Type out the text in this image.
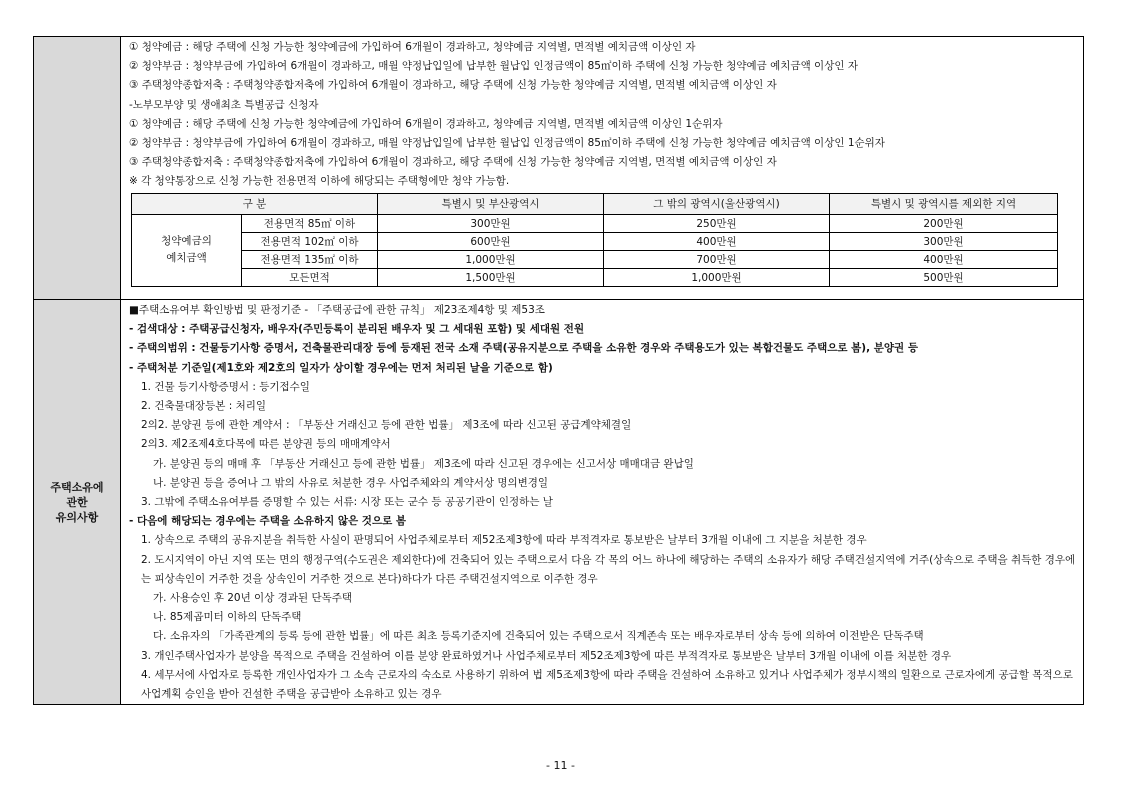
① 청약예금 : 해당 주택에 신청 가능한 청약예금에 가입하여 6개월이 경과하고, 청약예금 지역별, 면적별 예치금액 이상인 자
② 청약부금 : 청약부금에 가입하여 6개월이 경과하고, 매월 약정납입일에 납부한 월납입 인정금액이 85㎡이하 주택에 신청 가능한 청약예금 예치금액 이상인 자
③ 주택청약종합저축 : 주택청약종합저축에 가입하여 6개월이 경과하고, 해당 주택에 신청 가능한 청약예금 지역별, 면적별 예치금액 이상인 자
-노부모부양 및 생애최초 특별공급 신청자
① 청약예금 : 해당 주택에 신청 가능한 청약예금에 가입하여 6개월이 경과하고, 청약예금 지역별, 면적별 예치금액 이상인 1순위자
② 청약부금 : 청약부금에 가입하여 6개월이 경과하고, 매월 약정납입일에 납부한 월납입 인정금액이 85㎡이하 주택에 신청 가능한 청약예금 예치금액 이상인 1순위자
③ 주택청약종합저축 : 주택청약종합저축에 가입하여 6개월이 경과하고, 해당 주택에 신청 가능한 청약예금 지역별, 면적별 예치금액 이상인 자
※ 각 청약통장으로 신청 가능한 전용면적 이하에 해당되는 주택형에만 청약 가능함.
구 분	특별시 및 부산광역시	그 밖의 광역시(울산광역시)	특별시 및 광역시를 제외한 지역

청약예금의
예치금액
	전용면적 85㎡ 이하	300만원	250만원	200만원
전용면적 102㎡ 이하	600만원	400만원	300만원
전용면적 135㎡ 이하	1,000만원	700만원	400만원
모든면적	1,500만원	1,000만원	500만원

주택소유에
관한
유의사항

■주택소유여부 확인방법 및 판정기준 - 「주택공급에 관한 규칙」 제23조제4항 및 제53조
- 검색대상 : 주택공급신청자, 배우자(주민등록이 분리된 배우자 및 그 세대원 포함) 및 세대원 전원
- 주택의범위 : 건물등기사항 증명서, 건축물관리대장 등에 등재된 전국 소재 주택(공유지분으로 주택을 소유한 경우와 주택용도가 있는 복합건물도 주택으로 봄), 분양권 등
- 주택처분 기준일(제1호와 제2호의 일자가 상이할 경우에는 먼저 처리된 날을 기준으로 함)
1. 건물 등기사항증명서 : 등기접수일
2. 건축물대장등본 : 처리일
2의2. 분양권 등에 관한 계약서 : 「부동산 거래신고 등에 관한 법률」 제3조에 따라 신고된 공급계약체결일
2의3. 제2조제4호다목에 따른 분양권 등의 매매계약서
가. 분양권 등의 매매 후 「부동산 거래신고 등에 관한 법률」 제3조에 따라 신고된 경우에는 신고서상 매매대금 완납일
나. 분양권 등을 증여나 그 밖의 사유로 처분한 경우 사업주체와의 계약서상 명의변경일
3. 그밖에 주택소유여부를 증명할 수 있는 서류: 시장 또는 군수 등 공공기관이 인정하는 날
- 다음에 해당되는 경우에는 주택을 소유하지 않은 것으로 봄
1. 상속으로 주택의 공유지분을 취득한 사실이 판명되어 사업주체로부터 제52조제3항에 따라 부적격자로 통보받은 날부터 3개월 이내에 그 지분을 처분한 경우
2. 도시지역이 아닌 지역 또는 면의 행정구역(수도권은 제외한다)에 건축되어 있는 주택으로서 다음 각 목의 어느 하나에 해당하는 주택의 소유자가 해당 주택건설지역에 거주(상속으로 주택을 취득한 경우에는 피상속인이 거주한 것을 상속인이 거주한 것으로 본다)하다가 다른 주택건설지역으로 이주한 경우
가. 사용승인 후 20년 이상 경과된 단독주택
나. 85제곱미터 이하의 단독주택
다. 소유자의 「가족관계의 등록 등에 관한 법률」에 따른 최초 등록기준지에 건축되어 있는 주택으로서 직계존속 또는 배우자로부터 상속 등에 의하여 이전받은 단독주택
3. 개인주택사업자가 분양을 목적으로 주택을 건설하여 이를 분양 완료하였거나 사업주체로부터 제52조제3항에 따른 부적격자로 통보받은 날부터 3개월 이내에 이를 처분한 경우
4. 세무서에 사업자로 등록한 개인사업자가 그 소속 근로자의 숙소로 사용하기 위하여 법 제5조제3항에 따라 주택을 건설하여 소유하고 있거나 사업주체가 정부시책의 일환으로 근로자에게 공급할 목적으로 사업계획 승인을 받아 건설한 주택을 공급받아 소유하고 있는 경우
- 11 -
